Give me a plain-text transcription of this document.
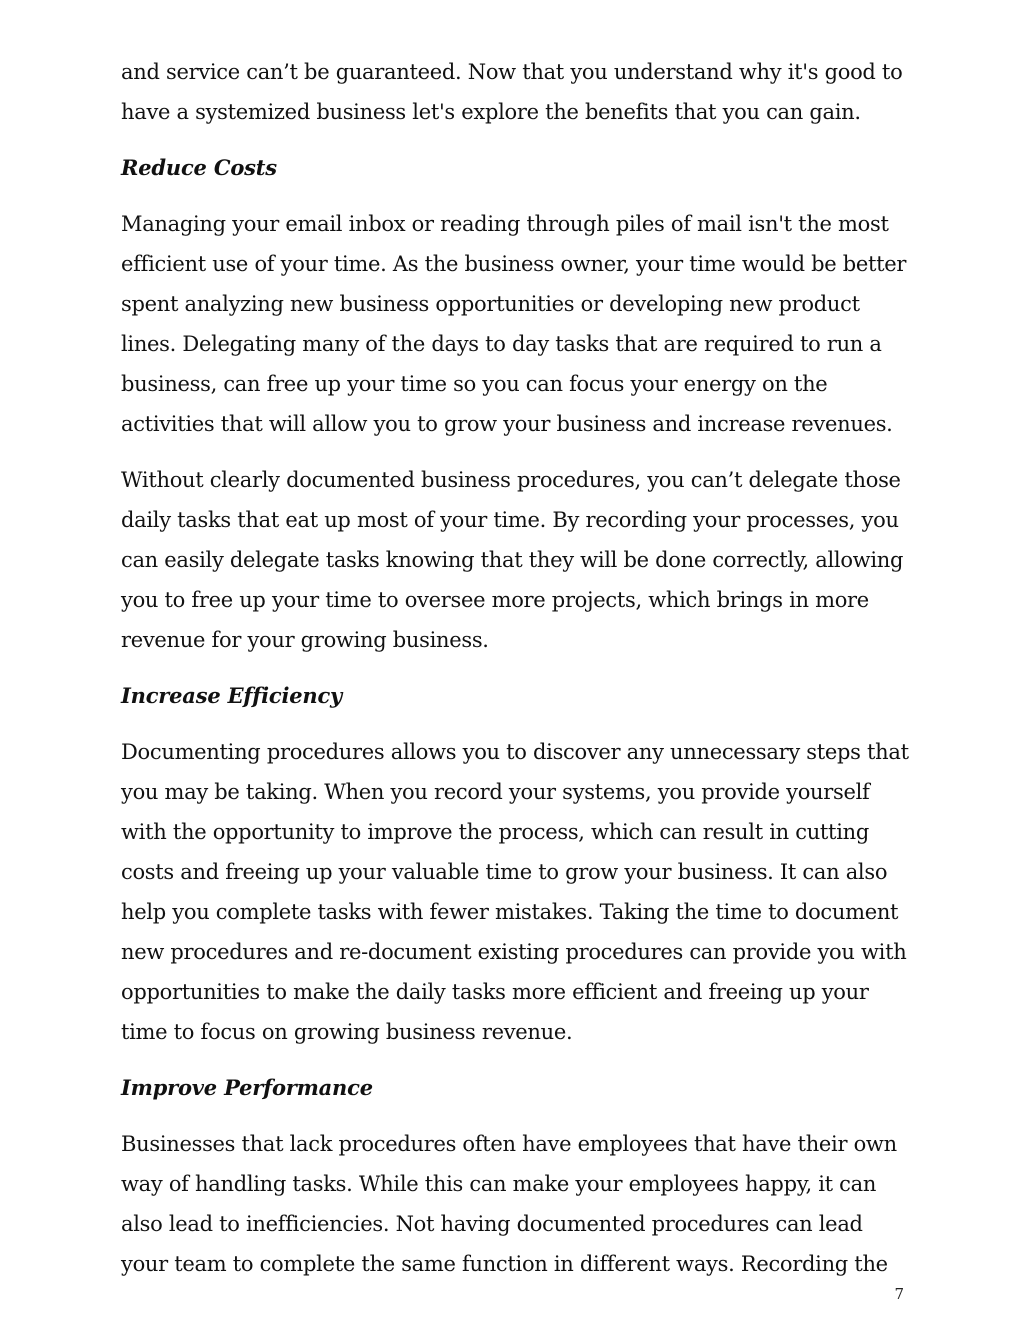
and service can’t be guaranteed. Now that you understand why it's good to
have a systemized business let's explore the benefits that you can gain.

Reduce Costs

Managing your email inbox or reading through piles of mail isn't the most
efficient use of your time. As the business owner, your time would be better
spent analyzing new business opportunities or developing new product
lines. Delegating many of the days to day tasks that are required to run a
business, can free up your time so you can focus your energy on the
activities that will allow you to grow your business and increase revenues.

Without clearly documented business procedures, you can’t delegate those
daily tasks that eat up most of your time. By recording your processes, you
can easily delegate tasks knowing that they will be done correctly, allowing
you to free up your time to oversee more projects, which brings in more
revenue for your growing business.

Increase Efficiency

Documenting procedures allows you to discover any unnecessary steps that
you may be taking. When you record your systems, you provide yourself
with the opportunity to improve the process, which can result in cutting
costs and freeing up your valuable time to grow your business. It can also
help you complete tasks with fewer mistakes. Taking the time to document
new procedures and re-document existing procedures can provide you with
opportunities to make the daily tasks more efficient and freeing up your
time to focus on growing business revenue.

Improve Performance

Businesses that lack procedures often have employees that have their own
way of handling tasks. While this can make your employees happy, it can
also lead to inefficiencies. Not having documented procedures can lead
your team to complete the same function in different ways. Recording the

7
